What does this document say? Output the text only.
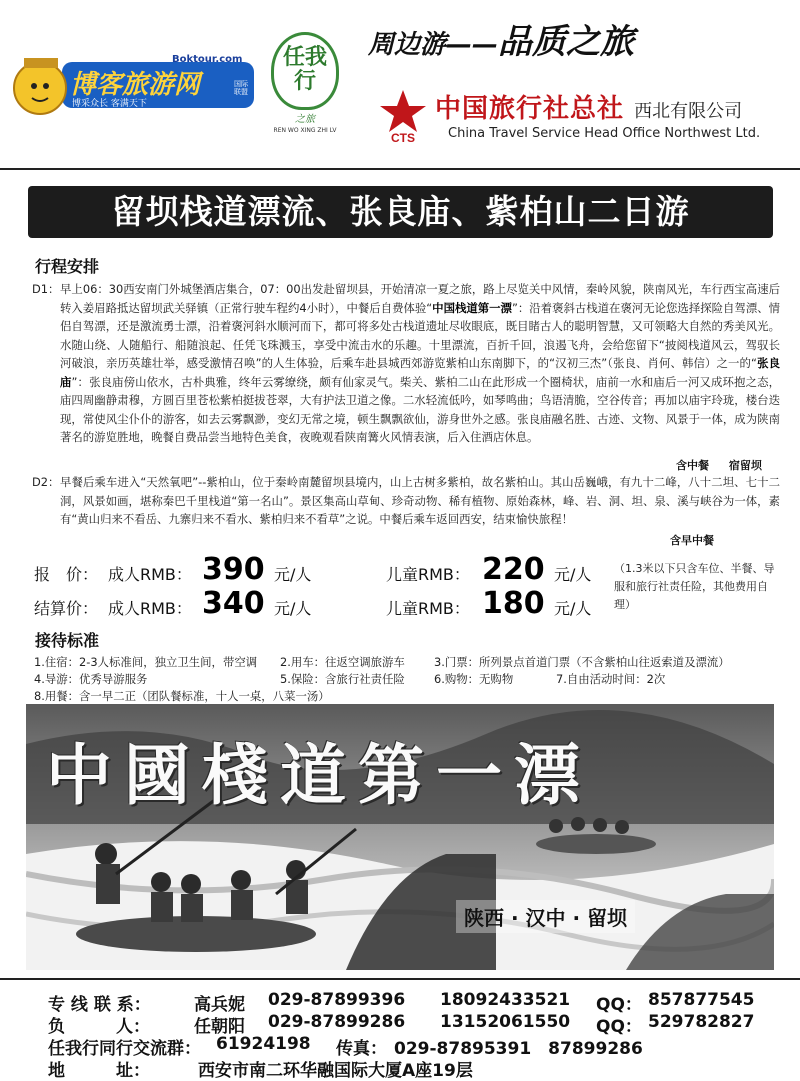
博客旅游网
Boktour.com
博采众长 客满天下
国际联盟
任我行
之旅
REN WO XING ZHI LV
周边游——品质之旅
CTS
中国旅行社总社 西北有限公司
China Travel Service Head Office Northwest Ltd.
留坝栈道漂流、张良庙、紫柏山二日游
行程安排
D1： 早上06：30西安南门外城堡酒店集合，07：00出发赴留坝县，开始清凉一夏之旅，路上尽览关中风情，秦岭风貌，陕南风光，车行西宝高速后转入姜眉路抵达留坝武关驿镇（正常行驶车程约4小时），中餐后自费体验“中国栈道第一漂”：沿着褒斜古栈道在褒河无论您选择探险自驾漂、情侣自驾漂，还是激流勇士漂，沿着褒河斜水顺河而下，都可将多处古栈道遗址尽收眼底，既目睹古人的聪明智慧，又可领略大自然的秀美风光。水随山绕、人随船行、船随浪起、任凭飞珠溅玉，享受中流击水的乐趣。十里漂流，百折千回，浪遏飞舟，会给您留下“披阅栈道风云，驾驭长河破浪，亲历英雄壮举，感受激情召唤”的人生体验，后乘车赴县城西郊游览紫柏山东南脚下，的“汉初三杰”（张良、肖何、韩信）之一的“张良庙”：张良庙傍山依水，古朴典雅，终年云雾缭绕，颇有仙家灵气。柴关、紫柏二山在此形成一个圈椅状，庙前一水和庙后一河又成环抱之态，庙四周幽静肃穆，方圆百里苍松紫柏挺拔苍翠，大有护法卫道之像。二水轻流低吟，如琴鸣曲；鸟语清脆，空谷传音；再加以庙宇玲珑，楼台迭现，常使风尘仆仆的游客，如去云雾飘渺，变幻无常之境，顿生飘飘欲仙，游身世外之感。张良庙融名胜、古迹、文物、风景于一体，成为陕南著名的游览胜地，晚餐自费品尝当地特色美食，夜晚观看陕南篝火风情表演，后入住酒店休息。
含中餐 宿留坝
D2： 早餐后乘车进入“天然氧吧”--紫柏山，位于秦岭南麓留坝县境内，山上古树多紫柏，故名紫柏山。其山岳巍峨，有九十二峰，八十二坦、七十二洞，风景如画，堪称秦巴千里栈道“第一名山”。景区集高山草甸、珍奇动物、稀有植物、原始森林，峰、岩、洞、坦、泉、溪与峡谷为一体，素有“黄山归来不看岳、九寨归来不看水、紫柏归来不看草”之说。中餐后乘车返回西安，结束愉快旅程！
含早中餐
报　价： 成人RMB： 390 元/人	儿童RMB： 220 元/人
结算价： 成人RMB： 340 元/人	儿童RMB： 180 元/人
（1.3米以下只含车位、半餐、导服和旅行社责任险，其他费用自理）
接待标准
1.住宿：2-3人标准间，独立卫生间，带空调 2.用车：往返空调旅游车	3.门票：所列景点首道门票（不含紫柏山往返索道及漂流）
4.导游：优秀导游服务	5.保险：含旅行社责任险	6.购物：无购物	7.自由活动时间：2次
8.用餐：含一早二正（团队餐标准，十人一桌，八菜一汤）
中國棧道第一漂
陕西 · 汉中 · 留坝
专 线 联 系：	高兵妮 029-87899396 18092433521 QQ： 857877545
负　　　人：	任朝阳 029-87899286 13152061550 QQ： 529782827
任我行同行交流群： 61924198 传真： 029-87895391　87899286
地　　　址：	西安市南二环华融国际大厦A座19层
